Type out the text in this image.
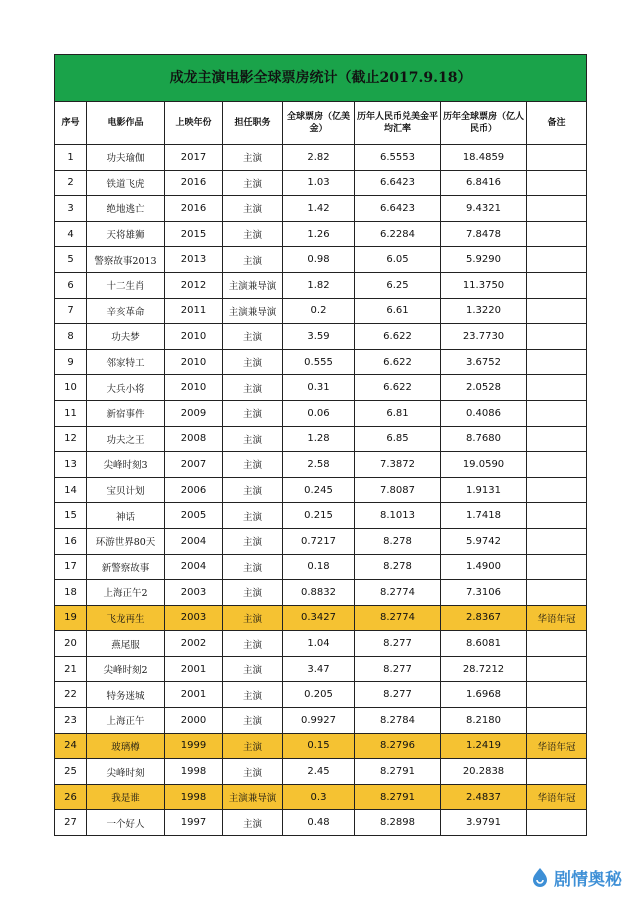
成龙主演电影全球票房统计（截止2017.9.18）							
序号	电影作品	上映年份	担任职务	全球票房（亿美金）	历年人民币兑美金平均汇率	历年全球票房（亿人民币）	备注
1	功夫瑜伽	2017	主演	2.82	6.5553	18.4859	
2	铁道飞虎	2016	主演	1.03	6.6423	6.8416	
3	绝地逃亡	2016	主演	1.42	6.6423	9.4321	
4	天将雄狮	2015	主演	1.26	6.2284	7.8478	
5	警察故事2013	2013	主演	0.98	6.05	5.9290	
6	十二生肖	2012	主演兼导演	1.82	6.25	11.3750	
7	辛亥革命	2011	主演兼导演	0.2	6.61	1.3220	
8	功夫梦	2010	主演	3.59	6.622	23.7730	
9	邻家特工	2010	主演	0.555	6.622	3.6752	
10	大兵小将	2010	主演	0.31	6.622	2.0528	
11	新宿事件	2009	主演	0.06	6.81	0.4086	
12	功夫之王	2008	主演	1.28	6.85	8.7680	
13	尖峰时刻3	2007	主演	2.58	7.3872	19.0590	
14	宝贝计划	2006	主演	0.245	7.8087	1.9131	
15	神话	2005	主演	0.215	8.1013	1.7418	
16	环游世界80天	2004	主演	0.7217	8.278	5.9742	
17	新警察故事	2004	主演	0.18	8.278	1.4900	
18	上海正午2	2003	主演	0.8832	8.2774	7.3106	
19	飞龙再生	2003	主演	0.3427	8.2774	2.8367	华语年冠
20	燕尾服	2002	主演	1.04	8.277	8.6081	
21	尖峰时刻2	2001	主演	3.47	8.277	28.7212	
22	特务迷城	2001	主演	0.205	8.277	1.6968	
23	上海正午	2000	主演	0.9927	8.2784	8.2180	
24	玻璃樽	1999	主演	0.15	8.2796	1.2419	华语年冠
25	尖峰时刻	1998	主演	2.45	8.2791	20.2838	
26	我是谁	1998	主演兼导演	0.3	8.2791	2.4837	华语年冠
27	一个好人	1997	主演	0.48	8.2898	3.9791	
剧情奥秘
